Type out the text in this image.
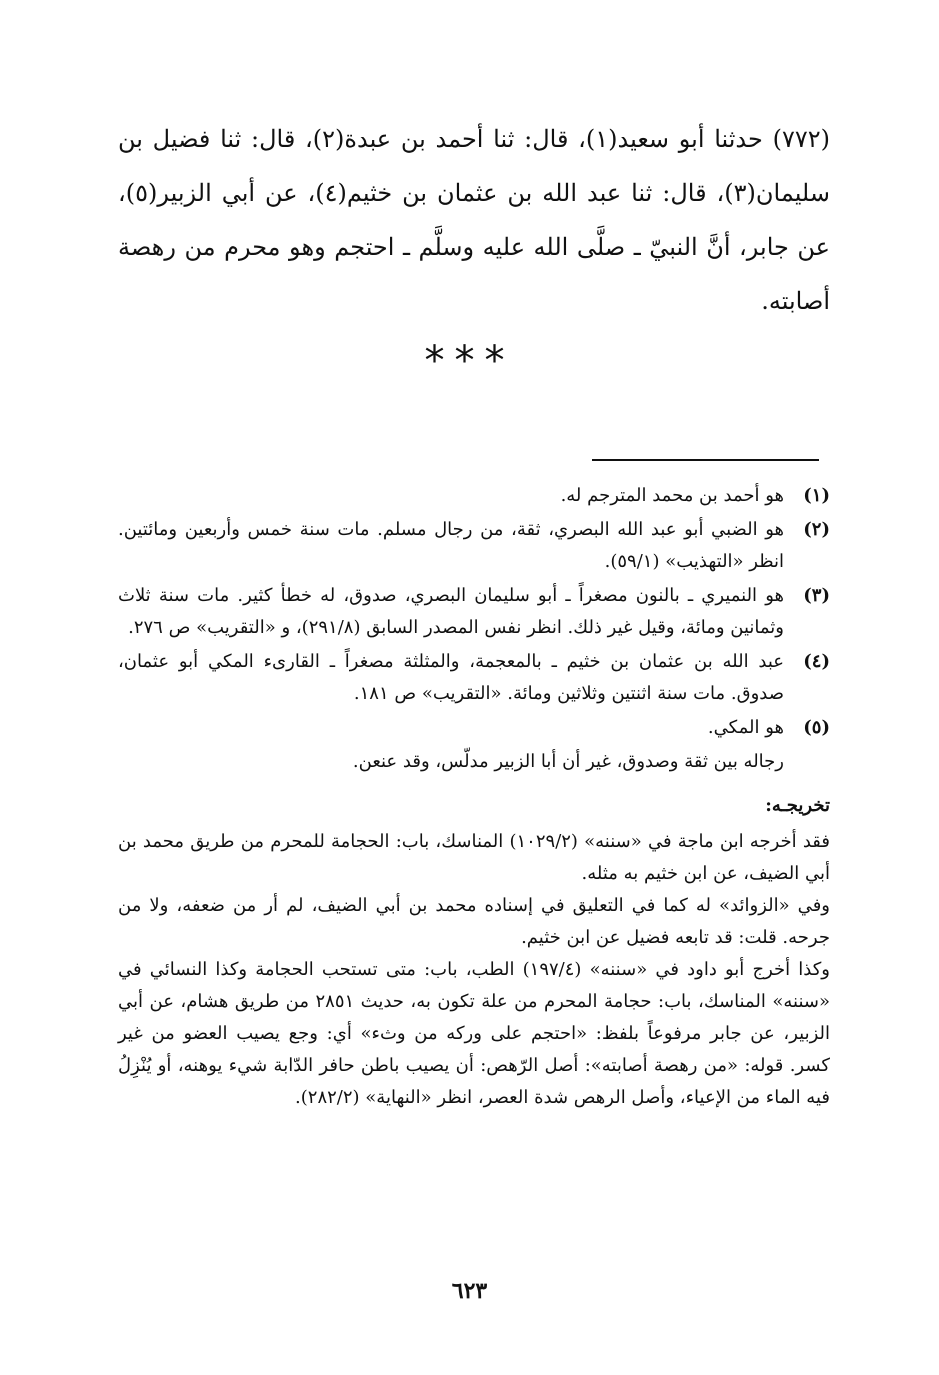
(٧٧٢) حدثنا أبو سعيد(١)، قال: ثنا أحمد بن عبدة(٢)، قال: ثنا فضيل بن سليمان(٣)، قال: ثنا عبد الله بن عثمان بن خثيم(٤)، عن أبي الزبير(٥)، عن جابر، أنَّ النبيّ ـ صلَّى الله عليه وسلَّم ـ احتجم وهو محرم من رهصة أصابته.

***
(١)
هو أحمد بن محمد المترجم له.
(٢)
هو الضبي أبو عبد الله البصري، ثقة، من رجال مسلم. مات سنة خمس وأربعين ومائتين. انظر «التهذيب» (٥٩/١).
(٣)
هو النميري ـ بالنون مصغراً ـ أبو سليمان البصري، صدوق، له خطأ كثير. مات سنة ثلاث وثمانين ومائة، وقيل غير ذلك. انظر نفس المصدر السابق (٢٩١/٨)، و «التقريب» ص ٢٧٦.
(٤)
عبد الله بن عثمان بن خثيم ـ بالمعجمة، والمثلثة مصغراً ـ القارىء المكي أبو عثمان، صدوق. مات سنة اثنتين وثلاثين ومائة. «التقريب» ص ١٨١.
(٥)
هو المكي.
رجاله بين ثقة وصدوق، غير أن أبا الزبير مدلّس، وقد عنعن.
تخريجـه:

فقد أخرجه ابن ماجة في «سننه» (١٠٢٩/٢) المناسك، باب: الحجامة للمحرم من طريق محمد بن أبي الضيف، عن ابن خثيم به مثله.

وفي «الزوائد» له كما في التعليق في إسناده محمد بن أبي الضيف، لم أر من ضعفه، ولا من جرحه. قلت: قد تابعه فضيل عن ابن خثيم.

وكذا أخرج أبو داود في «سننه» (١٩٧/٤) الطب، باب: متى تستحب الحجامة وكذا النسائي في «سننه» المناسك، باب: حجامة المحرم من علة تكون به، حديث ٢٨٥١ من طريق هشام، عن أبي الزبير، عن جابر مرفوعاً بلفظ: «احتجم على وركه من وثء» أي: وجع يصيب العضو من غير كسر. قوله: «من رهصة أصابته»: أصل الرّهص: أن يصيب باطن حافر الدّابة شيء يوهنه، أو يُنْزِلُ فيه الماء من الإعياء، وأصل الرهص شدة العصر، انظر «النهاية» (٢٨٢/٢).

٦٢٣
